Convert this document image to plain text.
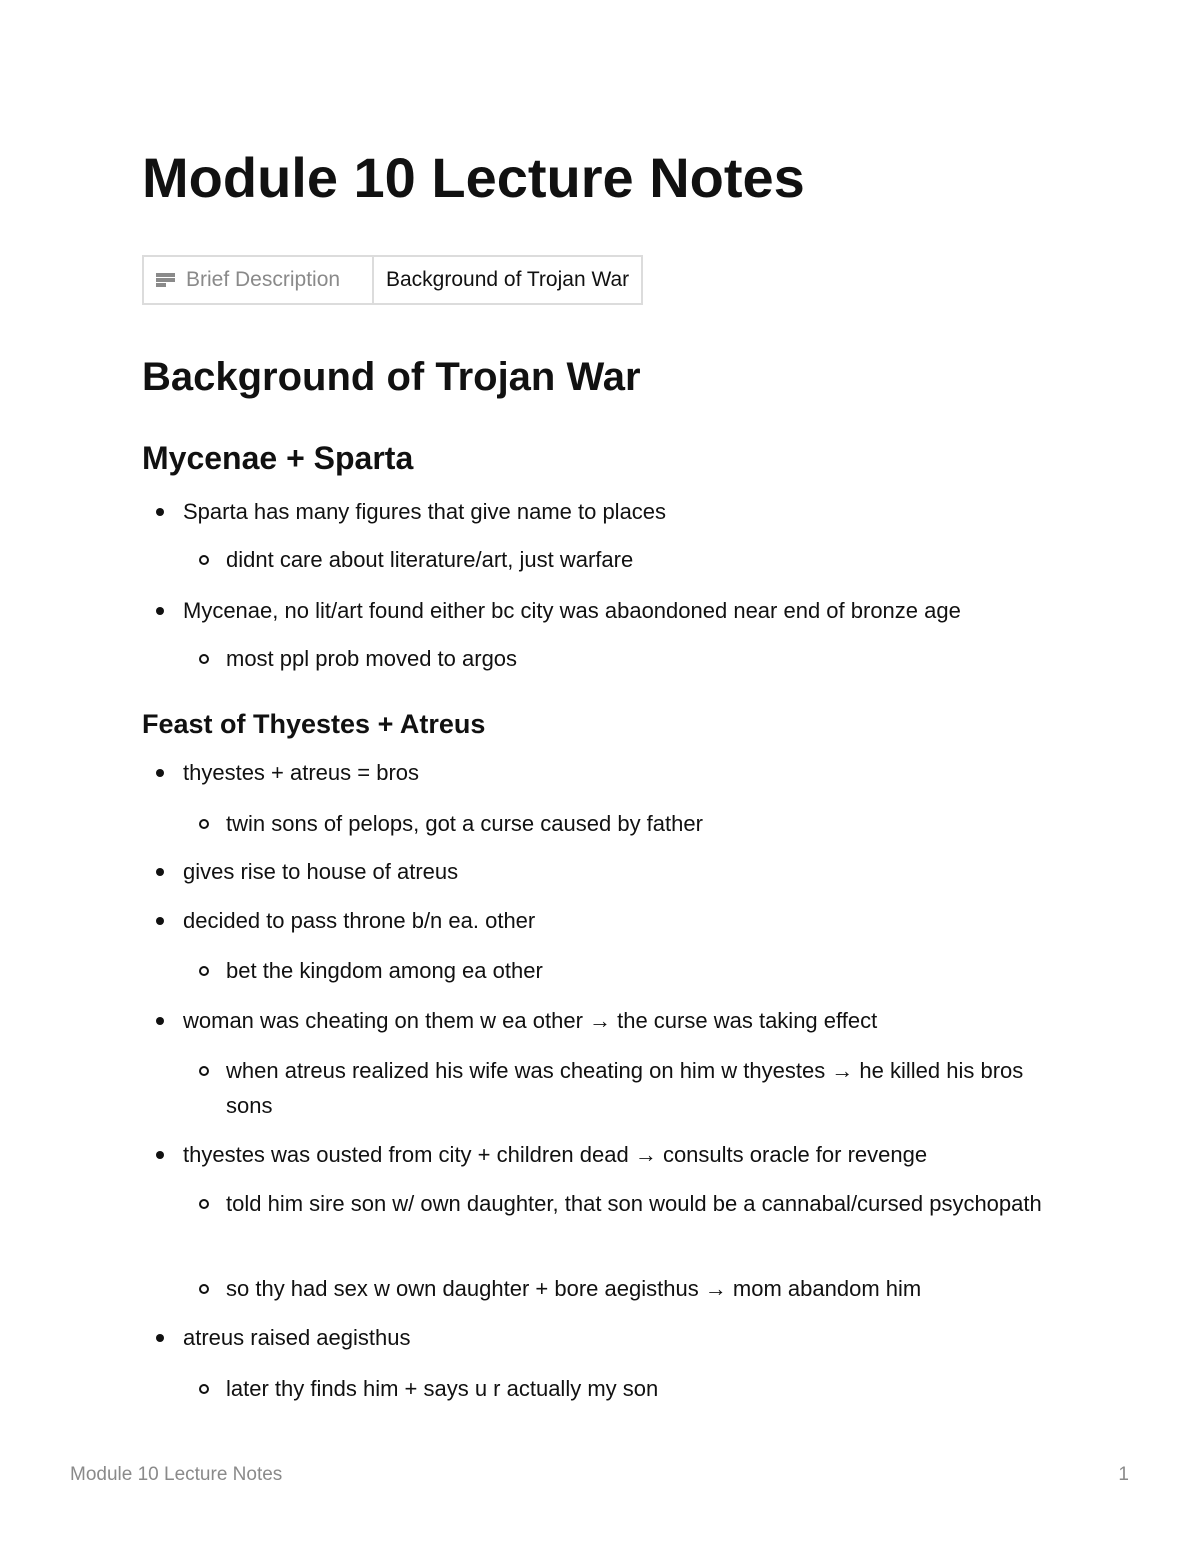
Module 10 Lecture Notes
Brief Description	Background of Trojan War
Background of Trojan War
Mycenae + Sparta
Sparta has many figures that give name to places
didnt care about literature/art, just warfare
Mycenae, no lit/art found either bc city was abaondoned near end of bronze age
most ppl prob moved to argos
Feast of Thyestes + Atreus
thyestes + atreus = bros
twin sons of pelops, got a curse caused by father
gives rise to house of atreus
decided to pass throne b/n ea. other
bet the kingdom among ea other
woman was cheating on them w ea other → the curse was taking effect
when atreus realized his wife was cheating on him w thyestes → he killed his bros sons
thyestes was ousted from city + children dead → consults oracle for revenge
told him sire son w/ own daughter, that son would be a cannabal/cursed psychopath
so thy had sex w own daughter + bore aegisthus → mom abandom him
atreus raised aegisthus
later thy finds him + says u r actually my son
Module 10 Lecture Notes	1
